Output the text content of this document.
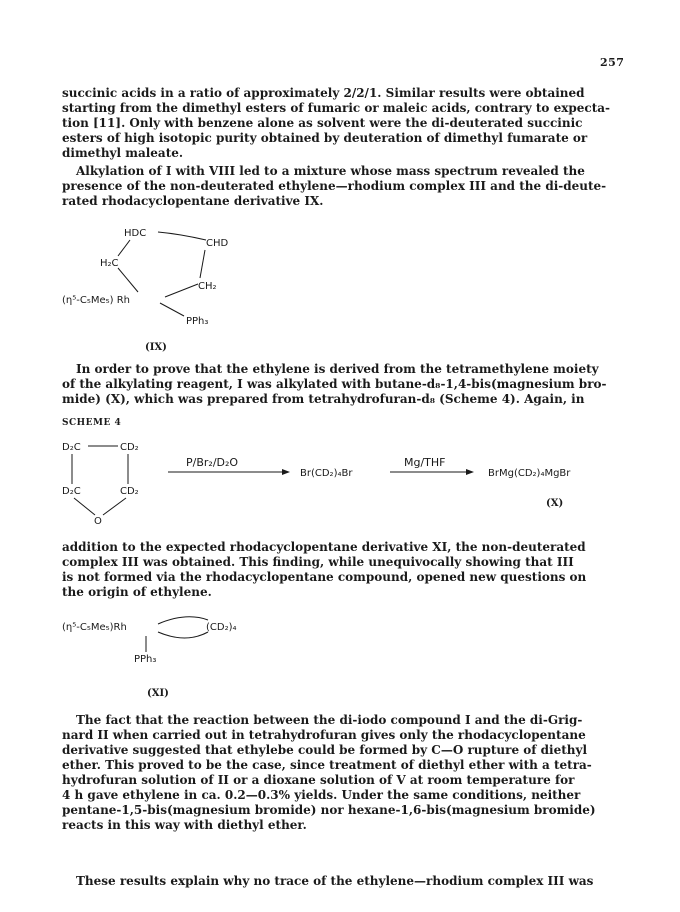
257
succinic acids in a ratio of approximately 2/2/1. Similar results were obtained
starting from the dimethyl esters of fumaric or maleic acids, contrary to expecta-
tion [11]. Only with benzene alone as solvent were the di-deuterated succinic
esters of high isotopic purity obtained by deuteration of dimethyl fumarate or
dimethyl maleate.
Alkylation of I with VIII led to a mixture whose mass spectrum revealed the
presence of the non-deuterated ethylene—rhodium complex III and the di-deute-
rated rhodacyclopentane derivative IX.
HDC
CHD
H₂C
CH₂
(η⁵-C₅Me₅) Rh
PPh₃
(IX)
In order to prove that the ethylene is derived from the tetramethylene moiety
of the alkylating reagent, I was alkylated with butane-d₈-1,4-bis(magnesium bro-
mide) (X), which was prepared from tetrahydrofuran-d₈ (Scheme 4). Again, in
SCHEME 4
D₂C	CD₂
D₂C	CD₂
O
P/Br₂/D₂O
Br(CD₂)₄Br
Mg/THF
BrMg(CD₂)₄MgBr
(X)
addition to the expected rhodacyclopentane derivative XI, the non-deuterated
complex III was obtained. This finding, while unequivocally showing that III
is not formed via the rhodacyclopentane compound, opened new questions on
the origin of ethylene.
(η⁵-C₅Me₅)Rh	(CD₂)₄
PPh₃
(XI)
The fact that the reaction between the di-iodo compound I and the di-Grig-
nard II when carried out in tetrahydrofuran gives only the rhodacyclopentane
derivative suggested that ethylebe could be formed by C—O rupture of diethyl
ether. This proved to be the case, since treatment of diethyl ether with a tetra-
hydrofuran solution of II or a dioxane solution of V at room temperature for
4 h gave ethylene in ca. 0.2—0.3% yields. Under the same conditions, neither
pentane-1,5-bis(magnesium bromide) nor hexane-1,6-bis(magnesium bromide)
reacts in this way with diethyl ether.
These results explain why no trace of the ethylene—rhodium complex III was
